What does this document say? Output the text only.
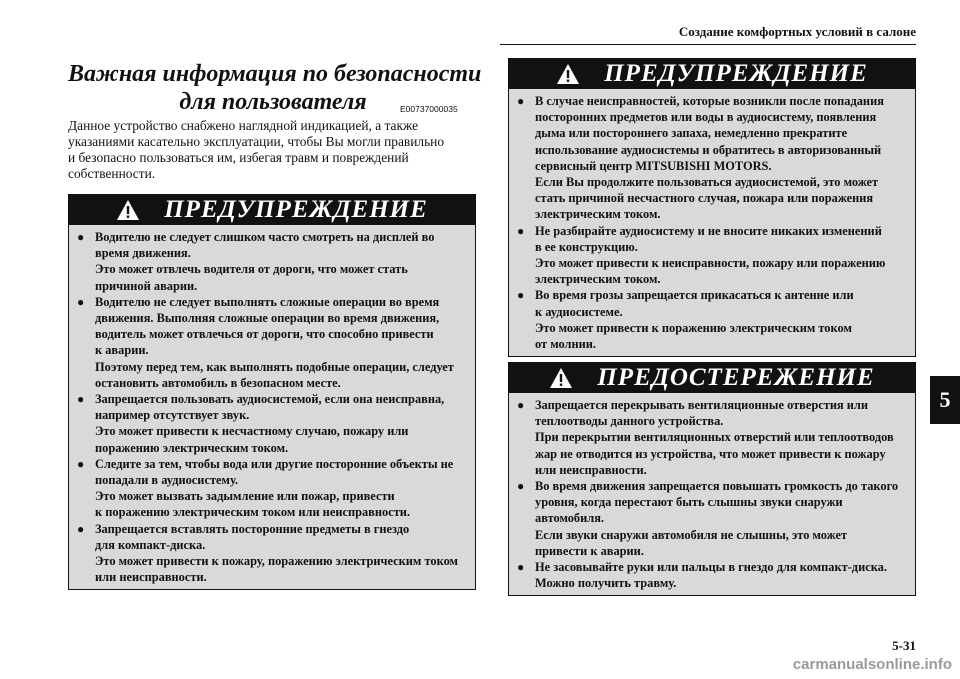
Создание комфортных условий в салоне
Важная информация по безопасности
для пользователя	E00737000035
Данное устройство снабжено наглядной индикацией, а также
указаниями касательно эксплуатации, чтобы Вы могли правильно
и безопасно пользоваться им, избегая травм и повреждений
собственности.
ПРЕДУПРЕЖДЕНИЕ
● Водителю не следует слишком часто смотреть на дисплей во
время движения.
Это может отвлечь водителя от дороги, что может стать
причиной аварии.
● Водителю не следует выполнять сложные операции во время
движения. Выполняя сложные операции во время движения,
водитель может отвлечься от дороги, что способно привести
к аварии.
Поэтому перед тем, как выполнять подобные операции, следует
остановить автомобиль в безопасном месте.
● Запрещается пользовать аудиосистемой, если она неисправна,
например отсутствует звук.
Это может привести к несчастному случаю, пожару или
поражению электрическим током.
● Следите за тем, чтобы вода или другие посторонние объекты не
попадали в аудиосистему.
Это может вызвать задымление или пожар, привести
к поражению электрическим током или неисправности.
● Запрещается вставлять посторонние предметы в гнездо
для компакт-диска.
Это может привести к пожару, поражению электрическим током
или неисправности.
ПРЕДУПРЕЖДЕНИЕ
● В случае неисправностей, которые возникли после попадания
посторонних предметов или воды в аудиосистему, появления
дыма или постороннего запаха, немедленно прекратите
использование аудиосистемы и обратитесь в авторизованный
сервисный центр MITSUBISHI MOTORS.
Если Вы продолжите пользоваться аудиосистемой, это может
стать причиной несчастного случая, пожара или поражения
электрическим током.
● Не разбирайте аудиосистему и не вносите никаких изменений
в ее конструкцию.
Это может привести к неисправности, пожару или поражению
электрическим током.
● Во время грозы запрещается прикасаться к антенне или
к аудиосистеме.
Это может привести к поражению электрическим током
от молнии.
ПРЕДОСТЕРЕЖЕНИЕ
● Запрещается перекрывать вентиляционные отверстия или
теплоотводы данного устройства.
При перекрытии вентиляционных отверстий или теплоотводов
жар не отводится из устройства, что может привести к пожару
или неисправности.
● Во время движения запрещается повышать громкость до такого
уровня, когда перестают быть слышны звуки снаружи
автомобиля.
Если звуки снаружи автомобиля не слышны, это может
привести к аварии.
● Не засовывайте руки или пальцы в гнездо для компакт-диска.
Можно получить травму.
5
5-31
carmanualsonline.info
